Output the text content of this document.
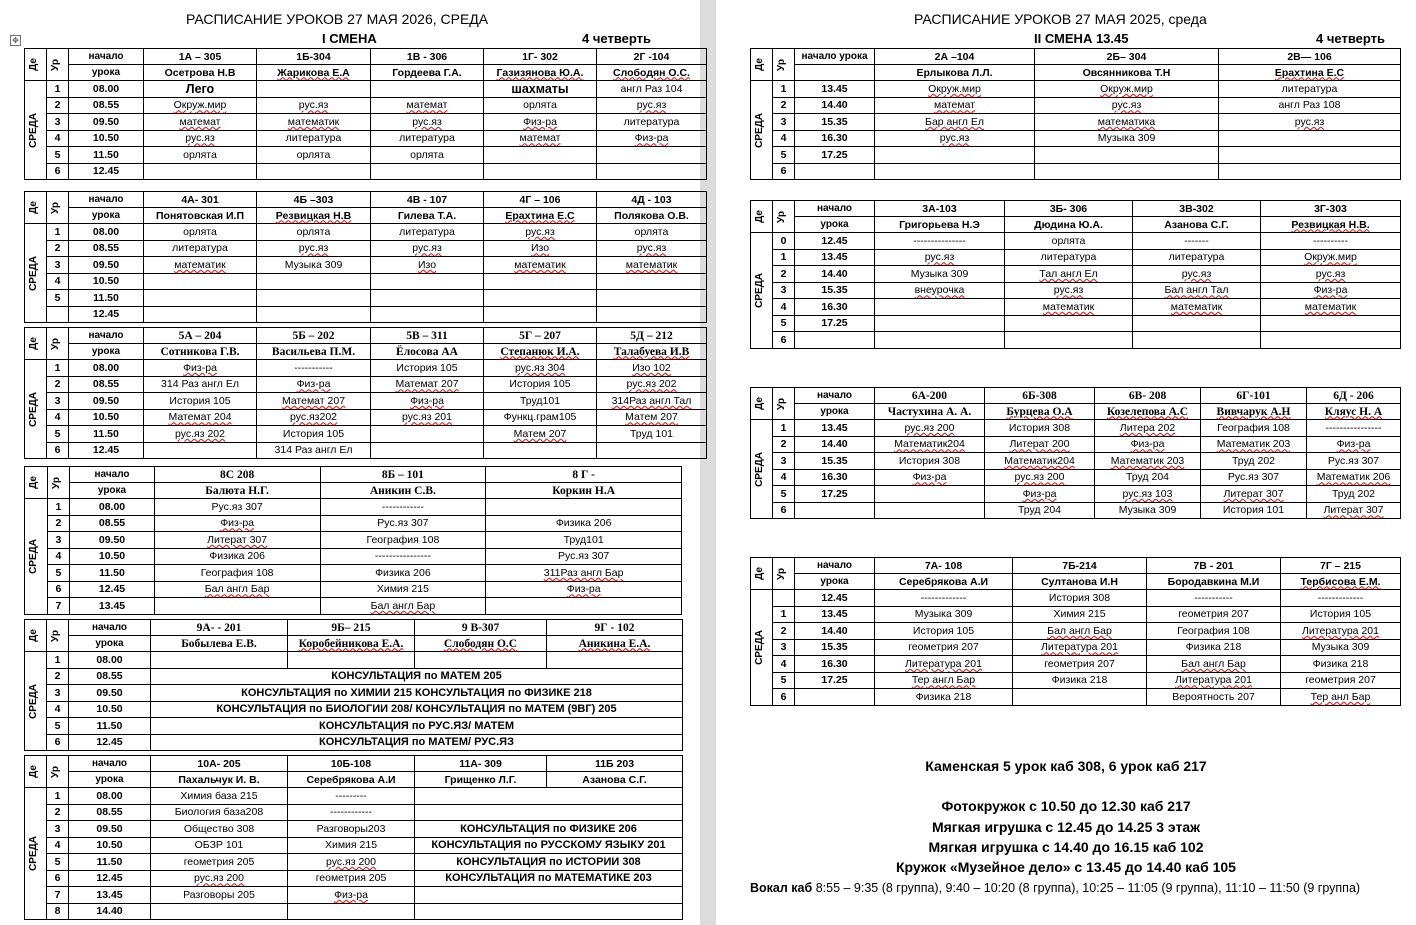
РАСПИСАНИЕ УРОКОВ 27 МАЯ 2026, СРЕДА
✥	I СМЕНА	4 четверть
Де	Ур	начало	1А – 305	1Б-304	1В - 306	1Г- 302	2Г -104
		урока	Осетрова Н.В	Жарикова Е.А	Гордеева Г.А.	Газизянова Ю.А.	Слободян О.С.

СРЕДА	1	08.00	Лего			шахматы	англ Раз 104
	2	08.55	Окруж.мир	рус.яз	математ	орлята	рус.яз
	3	09.50	математ	математик	рус.яз	Физ-ра	литература
	4	10.50	рус.яз	литература	литература	математ	Физ-ра
	5	11.50	орлята	орлята	орлята		
	6	12.45					
Де	Ур	начало	4А- 301	4Б –303	4В - 107	4Г – 106	4Д - 103
		урока	Понятовская И.П	Резвицкая Н.В	Гилева Т.А.	Ерахтина Е.С	Полякова О.В.

СРЕДА	1	08.00	орлята	орлята	литература	рус.яз	орлята
	2	08.55	литература	рус.яз	рус.яз	Изо	рус.яз
	3	09.50	математик	Музыка 309	Изо	математик	математик
	4	10.50					
	5	11.50					
		12.45					
Де	Ур	начало	5А – 204	5Б – 202	5В – 311	5Г – 207	5Д – 212
		урока	Сотникова Г.В.	Васильева П.М.	Ёлосова АА	Степанюк И.А.	Талабуева И.В

СРЕДА	1	08.00	Физ-ра	-----------	История 105	рус.яз 304	Изо 102
	2	08.55	314 Раз англ Ел	Физ-ра	Математ 207	История 105	рус.яз 202
	3	09.50	История 105	Математ 207	Физ-ра	Труд101	314Раз англ Тал
	4	10.50	Математ 204	рус.яз202	рус.яз 201	Функц.грам105	Матем 207
	5	11.50	рус.яз 202	История 105		Матем 207	Труд 101
	6	12.45		314 Раз англ Ел			
Де	Ур	начало	8С 208	8Б – 101	8 Г -
		урока	Балюта Н.Г.	Аникин С.В.	Коркин Н.А

СРЕДА	1	08.00	Рус.яз 307	------------	
	2	08.55	Физ-ра	Рус.яз 307	Физика 206
	3	09.50	Литерат 307	География 108	Труд101
	4	10.50	Физика 206	----------------	Рус.яз 307
	5	11.50	География 108	Физика 206	311Раз англ Бар
	6	12.45	Бал англ Бар	Химия 215	Физ-ра
	7	13.45		Бал англ Бар	
Де	Ур	начало	9А- - 201	9Б– 215	9 В-307	9Г - 102
		урока	Бобылева Е.В.	Коробейникова Е.А.	Слободян О.С	Аникина Е.А.

СРЕДА	1	08.00				
	2	08.55	КОНСУЛЬТАЦИЯ по МАТЕМ 205			
	3	09.50	КОНСУЛЬТАЦИЯ по ХИМИИ 215 КОНСУЛЬТАЦИЯ по ФИЗИКЕ 218			
	4	10.50	КОНСУЛЬТАЦИЯ по БИОЛОГИИ 208/ КОНСУЛЬТАЦИЯ по МАТЕМ (9ВГ) 205			
	5	11.50	КОНСУЛЬТАЦИЯ по РУС.ЯЗ/ МАТЕМ			
	6	12.45	КОНСУЛЬТАЦИЯ по МАТЕМ/ РУС.ЯЗ			
Де	Ур	начало	10А- 205	10Б-108	11А- 309	11Б 203
		урока	Пахальчук И. В.	Серебрякова А.И	Грищенко Л.Г.	Азанова С.Г.

СРЕДА	1	08.00	Химия база 215	---------		
	2	08.55	Биология база208	------------		
	3	09.50	Общество 308	Разговоры203	КОНСУЛЬТАЦИЯ по ФИЗИКЕ 206	
	4	10.50	ОБЗР 101	Химия 215	КОНСУЛЬТАЦИЯ по РУССКОМУ ЯЗЫКУ 201	
	5	11.50	геометрия 205	рус.яз 200	КОНСУЛЬТАЦИЯ по ИСТОРИИ 308	
	6	12.45	рус.яз 200	геометрия 205	КОНСУЛЬТАЦИЯ по МАТЕМАТИКЕ 203	
	7	13.45	Разговоры 205	Физ-ра		
	8	14.40				
РАСПИСАНИЕ УРОКОВ 27 МАЯ 2025, среда
II СМЕНА 13.45	4 четверть
Каменская 5 урок каб 308, 6 урок каб 217
Фотокружок с 10.50 до 12.30 каб 217
Мягкая игрушка с 12.45 до 14.25 3 этаж
Мягкая игрушка с 14.40 до 16.15 каб 102
Кружок «Музейное дело» с 13.45 до 14.40 каб 105
Вокал каб 8:55 – 9:35 (8 группа), 9:40 – 10:20 (8 группа), 10:25 – 11:05 (9 группа), 11:10 – 11:50 (9 группа)
Де	Ур	начало урока	2А –104	2Б– 304	2В— 106
			Ерлыкова Л.Л.	Овсянникова Т.Н	Ерахтина Е.С

СРЕДА	1	13.45	Окруж.мир	Окруж.мир	литература
	2	14.40	математ	рус.яз	англ Раз 108
	3	15.35	Бар англ Ел	математика	рус.яз
	4	16.30	рус.яз	Музыка 309	
	5	17.25			
	6				
Де	Ур	начало	3А-103	3Б- 306	3В-302	3Г-303
		урока	Григорьева Н.Э	Дюдина Ю.А.	Азанова С.Г.	Резвицкая Н.В.

СРЕДА	0	12.45	---------------	орлята	-------	----------
	1	13.45	рус.яз	литература	литература	Окруж.мир
	2	14.40	Музыка 309	Тал англ Ел	рус.яз	рус.яз
	3	15.35	внеурочка	рус.яз	Бал англ Тал	Физ-ра
	4	16.30		математик	математик	математик
	5	17.25				
	6					
Де	Ур	начало	6А-200	6Б-308	6В- 208	6Г-101	6Д - 206
		урока	Частухина А. А.	Бурцева О.А	Козелепова А.С	Вивчарук А.Н	Кляус Н. А

СРЕДА	1	13.45	рус.яз 200	История 308	Литера 202	География 108	----------------
	2	14.40	Математик204	Литерат 200	Физ-ра	Математик 203	Физ-ра
	3	15.35	История 308	Математик204	Математик 203	Труд 202	Рус.яз 307
	4	16.30	Физ-ра	рус.яз 200	Труд 204	Рус.яз 307	Математик 206
	5	17.25		Физ-ра	рус.яз 103	Литерат 307	Труд 202
	6			Труд 204	Музыка 309	История 101	Литерат 307
Де	Ур	начало	7А- 108	7Б-214	7В - 201	7Г – 215
		урока	Серебрякова А.И	Султанова И.Н	Бородавкина М.И	Тербисова Е.М.

СРЕДА		12.45	-------------	История 308	-----------	-------------
	1	13.45	Музыка 309	Химия 215	геометрия 207	История 105
	2	14.40	История 105	Бал англ Бар	География 108	Литература 201
	3	15.35	геометрия 207	Литература 201	Физика 218	Музыка 309
	4	16.30	Литература 201	геометрия 207	Бал англ Бар	Физика 218
	5	17.25	Тер англ Бар	Физика 218	Литература 201	геометрия 207
	6		Физика 218		Вероятность 207	Тер анл Бар
